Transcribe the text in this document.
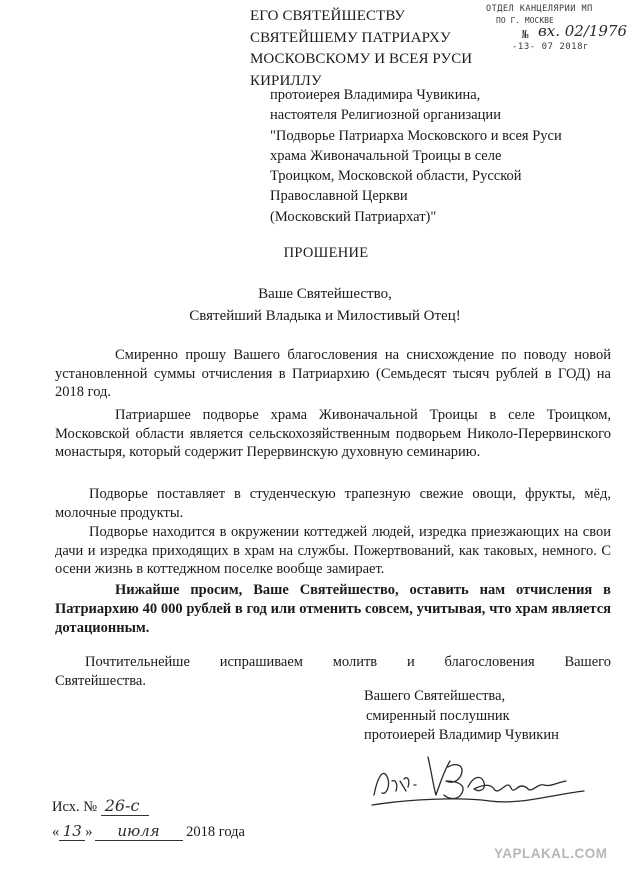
ЕГО СВЯТЕЙШЕСТВУ
СВЯТЕЙШЕМУ ПАТРИАРХУ
МОСКОВСКОМУ И ВСЕЯ РУСИ
КИРИЛЛУ
ОТДЕЛ КАНЦЕЛЯРИИ МП
ПО Г. МОСКВЕ
№ вх. 02/1976
-13- 07 2018г
протоиерея Владимира Чувикина,
настоятеля Религиозной организации
"Подворье Патриарха Московского и всея Руси
храма Живоначальной Троицы в селе
Троицком, Московской области, Русской
Православной Церкви
(Московский Патриархат)"
ПРОШЕНИЕ
Ваше Святейшество,
Святейший Владыка и Милостивый Отец!
Смиренно прошу Вашего благословения на снисхождение по поводу новой установленной суммы отчисления в Патриархию (Семьдесят тысяч рублей в ГОД) на 2018 год.
Патриаршее подворье храма Живоначальной Троицы в селе Троицком, Московской области является сельскохозяйственным подворьем Николо-Перервинского монастыря, который содержит Перервинскую духовную семинарию.
Подворье поставляет в студенческую трапезную свежие овощи, фрукты, мёд, молочные продукты.
Подворье находится в окружении коттеджей людей, изредка приезжающих на свои дачи и изредка приходящих в храм на службы. Пожертвований, как таковых, немного. С осени жизнь в коттеджном поселке вообще замирает.
Нижайше просим, Ваше Святейшество, оставить нам отчисления в Патриархию 40 000 рублей в год или отменить совсем, учитывая, что храм является дотационным.
Почтительнейше испрашиваем молитв и благословения Вашего Святейшества.
Вашего Святейшества,
смиренный послушник
протоиерей Владимир Чувикин
Исх. № 26-с
« 13 » июля 2018 года
YAPLAKAL.COM
